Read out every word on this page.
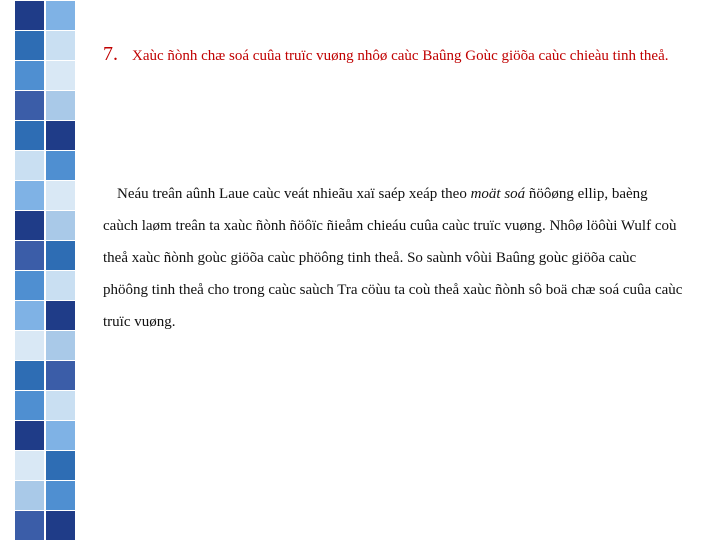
7. Xaùc ñònh chæ soá cuûa truïc vuøng nhôø caùc Baûng Goùc giöõa caùc chieàu tinh theå.
Neáu treân aûnh Laue caùc veát nhieãu xaï saép xeáp theo moät soá ñöôøng ellip, baèng caùch laøm treân ta xaùc ñònh ñöôïc ñieåm chieáu cuûa caùc truïc vuøng. Nhôø löôùi Wulf coù theå xaùc ñònh goùc giöõa caùc phöông tinh theå. So saùnh vôùi Baûng goùc giöõa caùc phöông tinh theå cho trong caùc saùch Tra cöùu ta coù theå xaùc ñònh sô boä chæ soá cuûa caùc truïc vuøng.
